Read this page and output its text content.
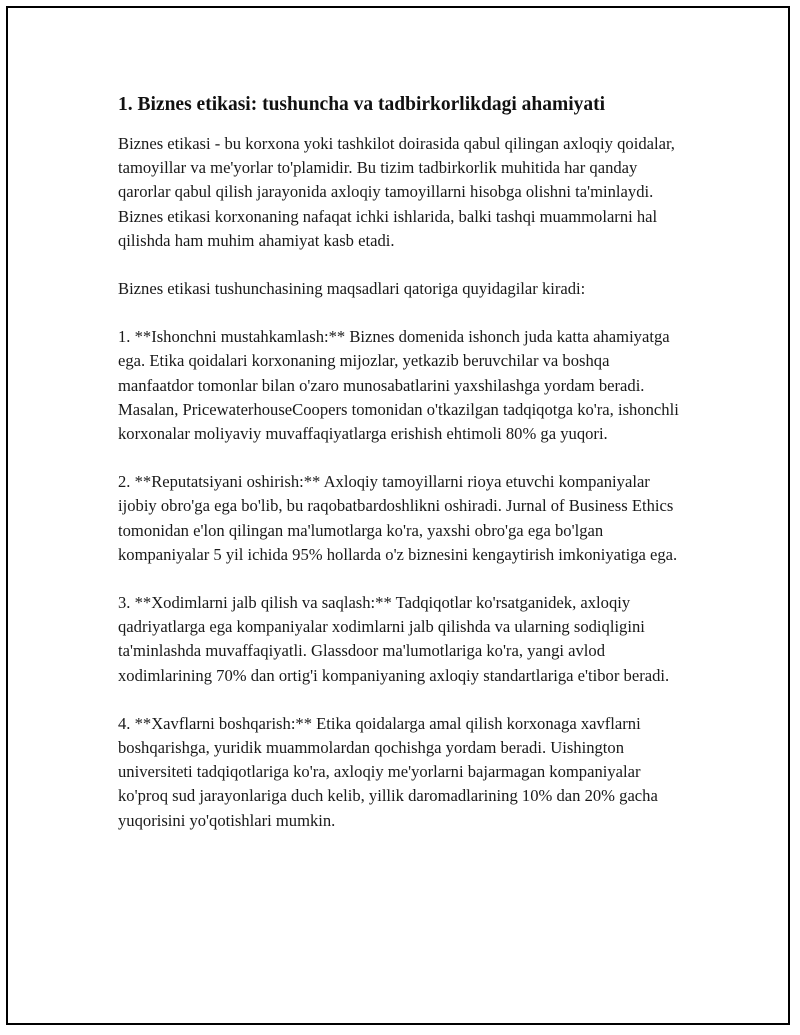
1. Biznes etikasi: tushuncha va tadbirkorlikdagi ahamiyati

Biznes etikasi - bu korxona yoki tashkilot doirasida qabul qilingan axloqiy qoidalar, tamoyillar va me'yorlar to'plamidir. Bu tizim tadbirkorlik muhitida har qanday qarorlar qabul qilish jarayonida axloqiy tamoyillarni hisobga olishni ta'minlaydi. Biznes etikasi korxonaning nafaqat ichki ishlarida, balki tashqi muammolarni hal qilishda ham muhim ahamiyat kasb etadi.

Biznes etikasi tushunchasining maqsadlari qatoriga quyidagilar kiradi:

1. **Ishonchni mustahkamlash:** Biznes domenida ishonch juda katta ahamiyatga ega. Etika qoidalari korxonaning mijozlar, yetkazib beruvchilar va boshqa manfaatdor tomonlar bilan o'zaro munosabatlarini yaxshilashga yordam beradi. Masalan, PricewaterhouseCoopers tomonidan o'tkazilgan tadqiqotga ko'ra, ishonchli korxonalar moliyaviy muvaffaqiyatlarga erishish ehtimoli 80% ga yuqori.

2. **Reputatsiyani oshirish:** Axloqiy tamoyillarni rioya etuvchi kompaniyalar ijobiy obro'ga ega bo'lib, bu raqobatbardoshlikni oshiradi. Jurnal of Business Ethics tomonidan e'lon qilingan ma'lumotlarga ko'ra, yaxshi obro'ga ega bo'lgan kompaniyalar 5 yil ichida 95% hollarda o'z biznesini kengaytirish imkoniyatiga ega.

3. **Xodimlarni jalb qilish va saqlash:** Tadqiqotlar ko'rsatganidek, axloqiy qadriyatlarga ega kompaniyalar xodimlarni jalb qilishda va ularning sodiqligini ta'minlashda muvaffaqiyatli. Glassdoor ma'lumotlariga ko'ra, yangi avlod xodimlarining 70% dan ortig'i kompaniyaning axloqiy standartlariga e'tibor beradi.

4. **Xavflarni boshqarish:** Etika qoidalarga amal qilish korxonaga xavflarni boshqarishga, yuridik muammolardan qochishga yordam beradi. Uishington universiteti tadqiqotlariga ko'ra, axloqiy me'yorlarni bajarmagan kompaniyalar ko'proq sud jarayonlariga duch kelib, yillik daromadlarining 10% dan 20% gacha yuqorisini yo'qotishlari mumkin.
